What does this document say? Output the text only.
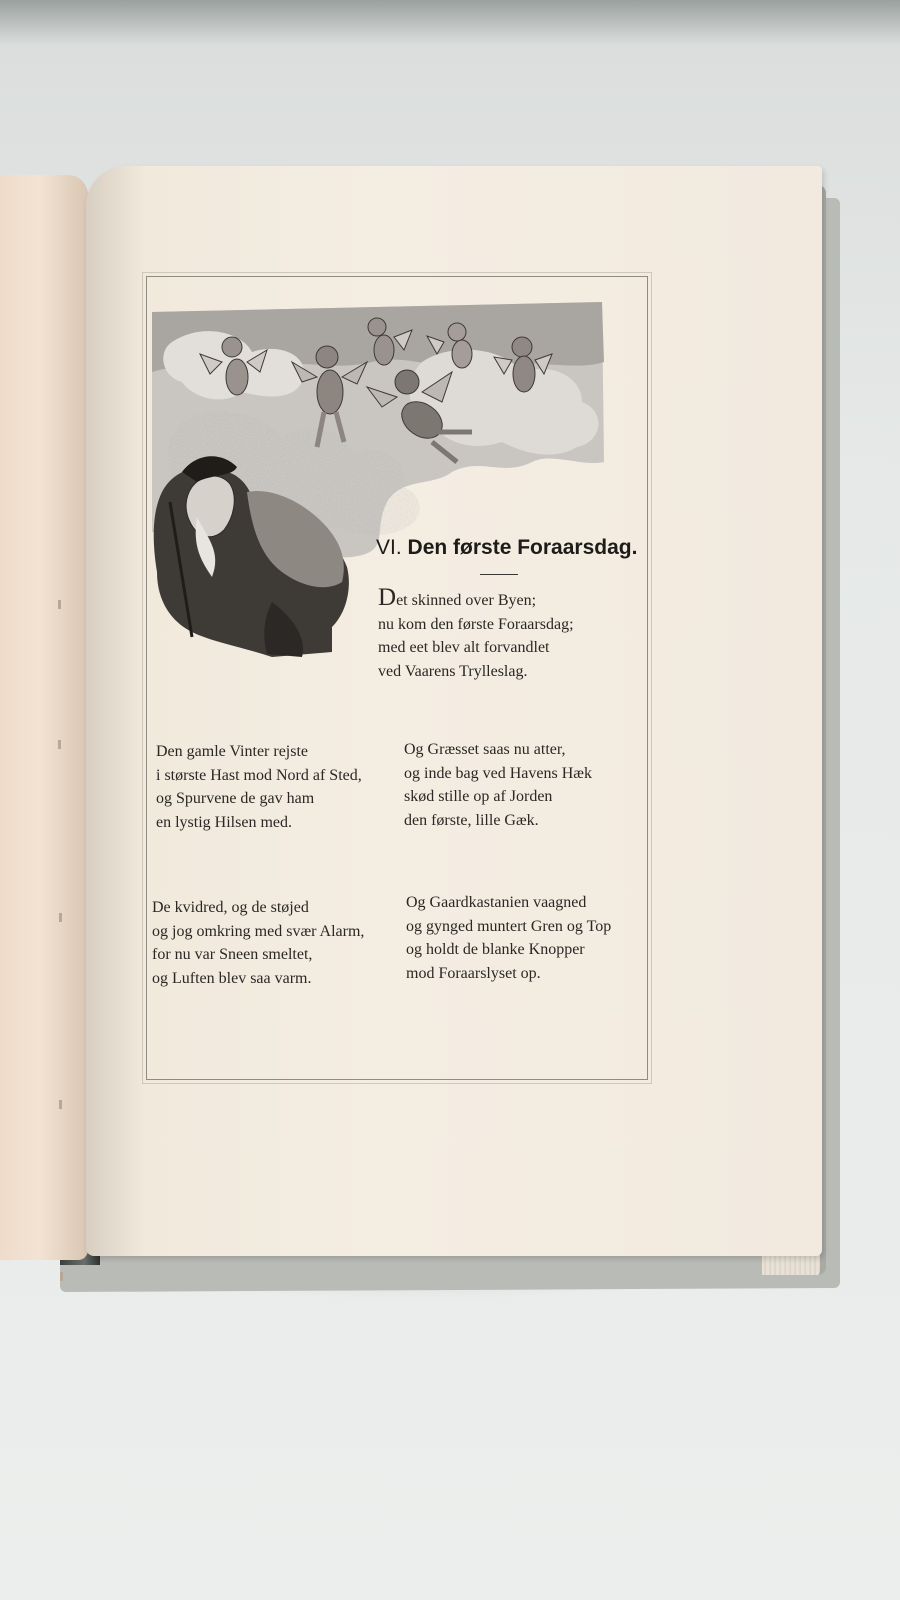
VI. Den første Foraarsdag.
Det skinned over Byen;
nu kom den første Foraarsdag;
med eet blev alt forvandlet
ved Vaarens Trylleslag.
Den gamle Vinter rejste
i største Hast mod Nord af Sted,
og Spurvene de gav ham
en lystig Hilsen med.
Og Græsset saas nu atter,
og inde bag ved Havens Hæk
skød stille op af Jorden
den første, lille Gæk.
De kvidred, og de støjed
og jog omkring med svær Alarm,
for nu var Sneen smeltet,
og Luften blev saa varm.
Og Gaardkastanien vaagned
og gynged muntert Gren og Top
og holdt de blanke Knopper
mod Foraarslyset op.
